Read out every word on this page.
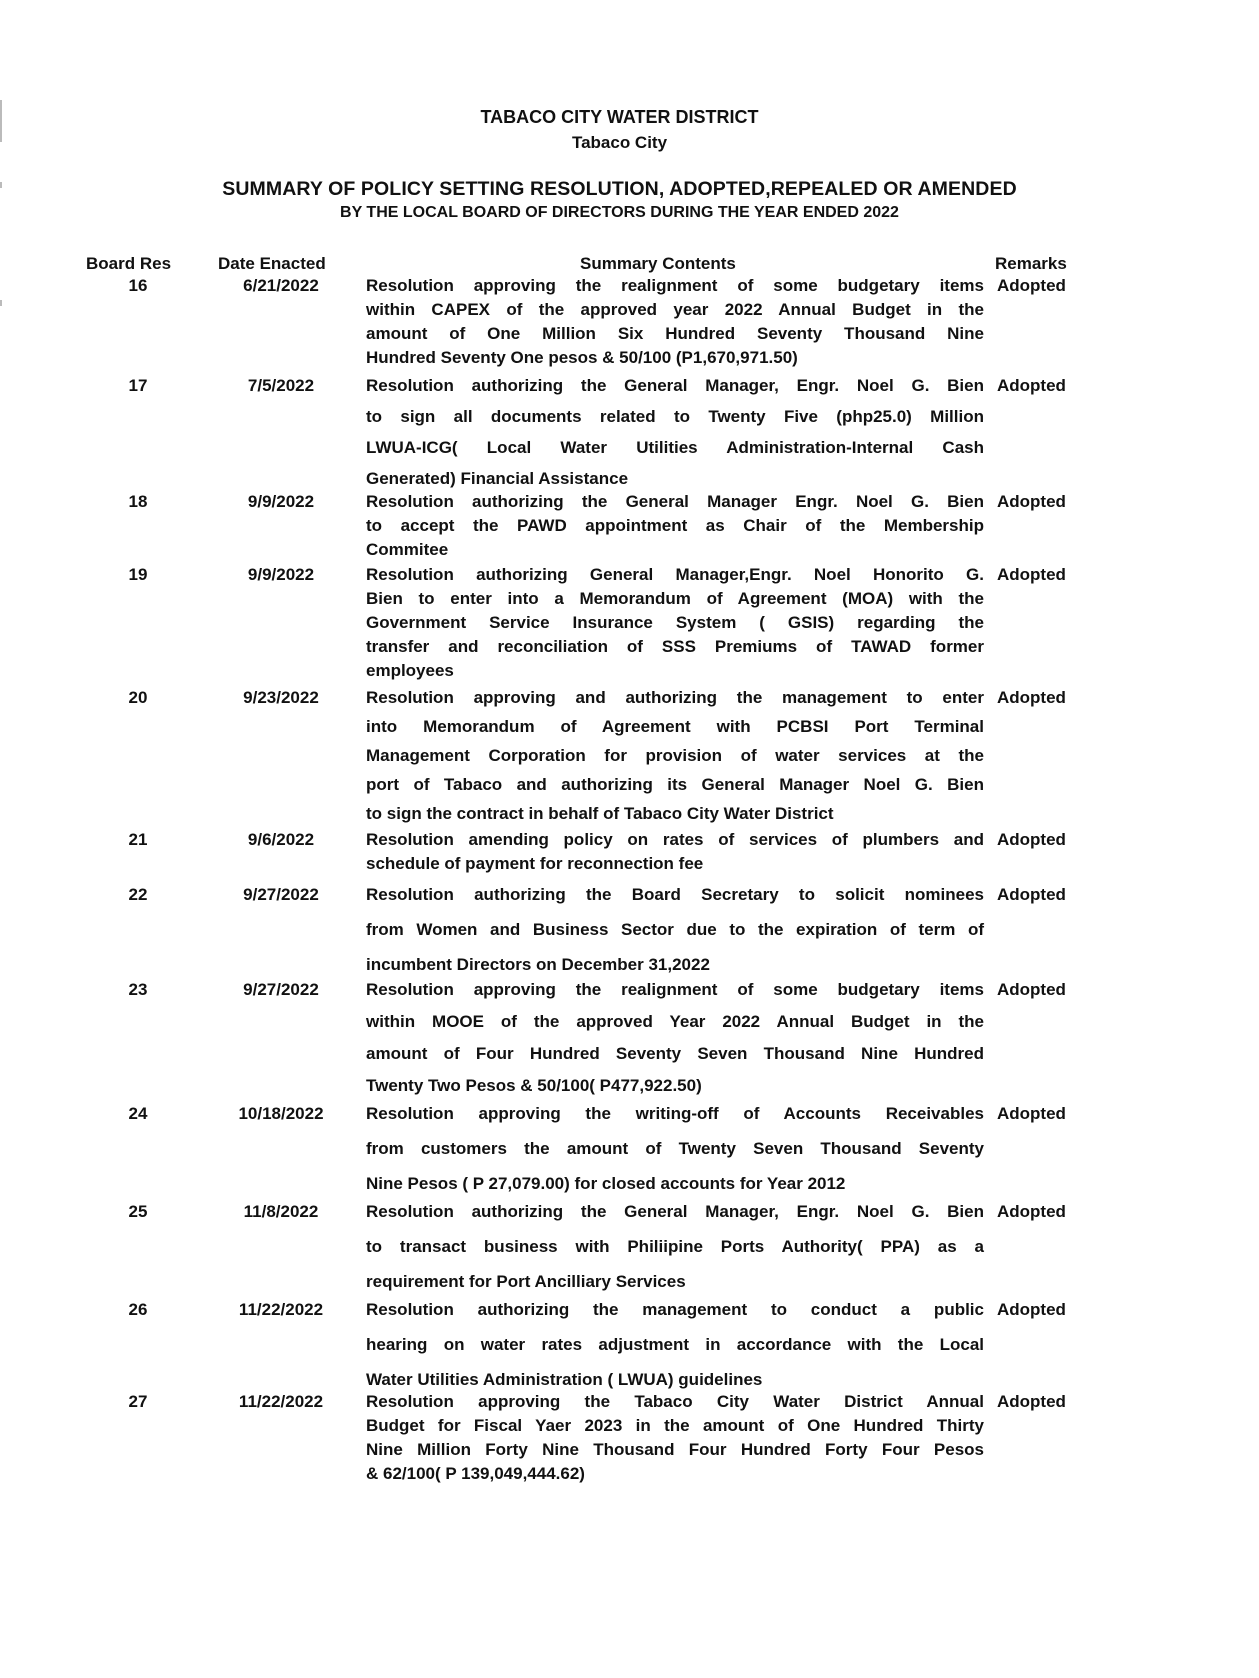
TABACO CITY WATER DISTRICT
Tabaco City
SUMMARY OF POLICY SETTING RESOLUTION, ADOPTED,REPEALED OR AMENDED
BY THE LOCAL BOARD OF DIRECTORS DURING THE YEAR ENDED 2022
Board Res	Date Enacted	Summary Contents	Remarks
16	6/21/2022	Resolution approving the realignment of some budgetary items
within CAPEX of the approved year 2022 Annual Budget in the
amount of One Million Six Hundred Seventy Thousand Nine
Hundred Seventy One pesos & 50/100 (P1,670,971.50)
Adopted
17	7/5/2022	Resolution authorizing the General Manager, Engr. Noel G. Bien
to sign all documents related to Twenty Five (php25.0) Million
LWUA-ICG( Local Water Utilities Administration-Internal Cash
Generated) Financial Assistance
Adopted
18	9/9/2022	Resolution authorizing the General Manager Engr. Noel G. Bien
to accept the PAWD appointment as Chair of the Membership
Commitee
Adopted
19	9/9/2022	Resolution authorizing General Manager,Engr. Noel Honorito G.
Bien to enter into a Memorandum of Agreement (MOA) with the
Government Service Insurance System ( GSIS) regarding the
transfer and reconciliation of SSS Premiums of TAWAD former
employees
Adopted
20	9/23/2022	Resolution approving and authorizing the management to enter
into Memorandum of Agreement with PCBSI Port Terminal
Management Corporation for provision of water services at the
port of Tabaco and authorizing its General Manager Noel G. Bien
to sign the contract in behalf of Tabaco City Water District
Adopted
21	9/6/2022	Resolution amending policy on rates of services of plumbers and
schedule of payment for reconnection fee
Adopted
22	9/27/2022	Resolution authorizing the Board Secretary to solicit nominees
from Women and Business Sector due to the expiration of term of
incumbent Directors on December 31,2022
Adopted
23	9/27/2022	Resolution approving the realignment of some budgetary items
within MOOE of the approved Year 2022 Annual Budget in the
amount of Four Hundred Seventy Seven Thousand Nine Hundred
Twenty Two Pesos & 50/100( P477,922.50)
Adopted
24	10/18/2022	Resolution approving the writing-off of Accounts Receivables
from customers the amount of Twenty Seven Thousand Seventy
Nine Pesos ( P 27,079.00) for closed accounts for Year 2012
Adopted
25	11/8/2022	Resolution authorizing the General Manager, Engr. Noel G. Bien
to transact business with Philiipine Ports Authority( PPA) as a
requirement for Port Ancilliary Services
Adopted
26	11/22/2022	Resolution authorizing the management to conduct a public
hearing on water rates adjustment in accordance with the Local
Water Utilities Administration ( LWUA) guidelines
Adopted
27	11/22/2022	Resolution approving the Tabaco City Water District Annual
Budget for Fiscal Yaer 2023 in the amount of One Hundred Thirty
Nine Million Forty Nine Thousand Four Hundred Forty Four Pesos
& 62/100( P 139,049,444.62)
Adopted
